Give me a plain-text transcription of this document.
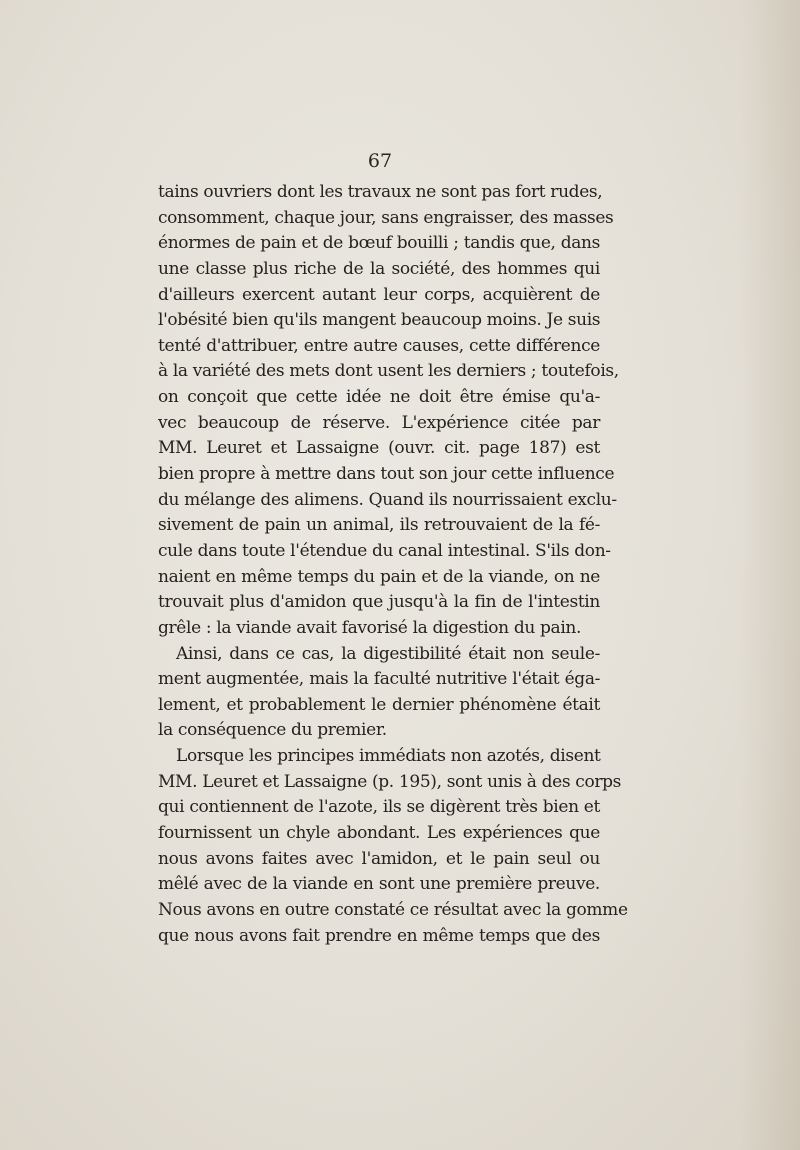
67

tains ouvriers dont les travaux ne sont pas fort rudes,
consomment, chaque jour, sans engraisser, des masses
énormes de pain et de bœuf bouilli ; tandis que, dans
une classe plus riche de la société, des hommes qui
d'ailleurs exercent autant leur corps, acquièrent de
l'obésité bien qu'ils mangent beaucoup moins. Je suis
tenté d'attribuer, entre autre causes, cette différence
à la variété des mets dont usent les derniers ; toutefois,
on conçoit que cette idée ne doit être émise qu'a-
vec beaucoup de réserve. L'expérience citée par
MM. Leuret et Lassaigne (ouvr. cit. page 187) est
bien propre à mettre dans tout son jour cette influence
du mélange des alimens. Quand ils nourrissaient exclu-
sivement de pain un animal, ils retrouvaient de la fé-
cule dans toute l'étendue du canal intestinal. S'ils don-
naient en même temps du pain et de la viande, on ne
trouvait plus d'amidon que jusqu'à la fin de l'intestin
grêle : la viande avait favorisé la digestion du pain.
Ainsi, dans ce cas, la digestibilité était non seule-
ment augmentée, mais la faculté nutritive l'était éga-
lement, et probablement le dernier phénomène était
la conséquence du premier.
Lorsque les principes immédiats non azotés, disent
MM. Leuret et Lassaigne (p. 195), sont unis à des corps
qui contiennent de l'azote, ils se digèrent très bien et
fournissent un chyle abondant. Les expériences que
nous avons faites avec l'amidon, et le pain seul ou
mêlé avec de la viande en sont une première preuve.
Nous avons en outre constaté ce résultat avec la gomme
que nous avons fait prendre en même temps que des
